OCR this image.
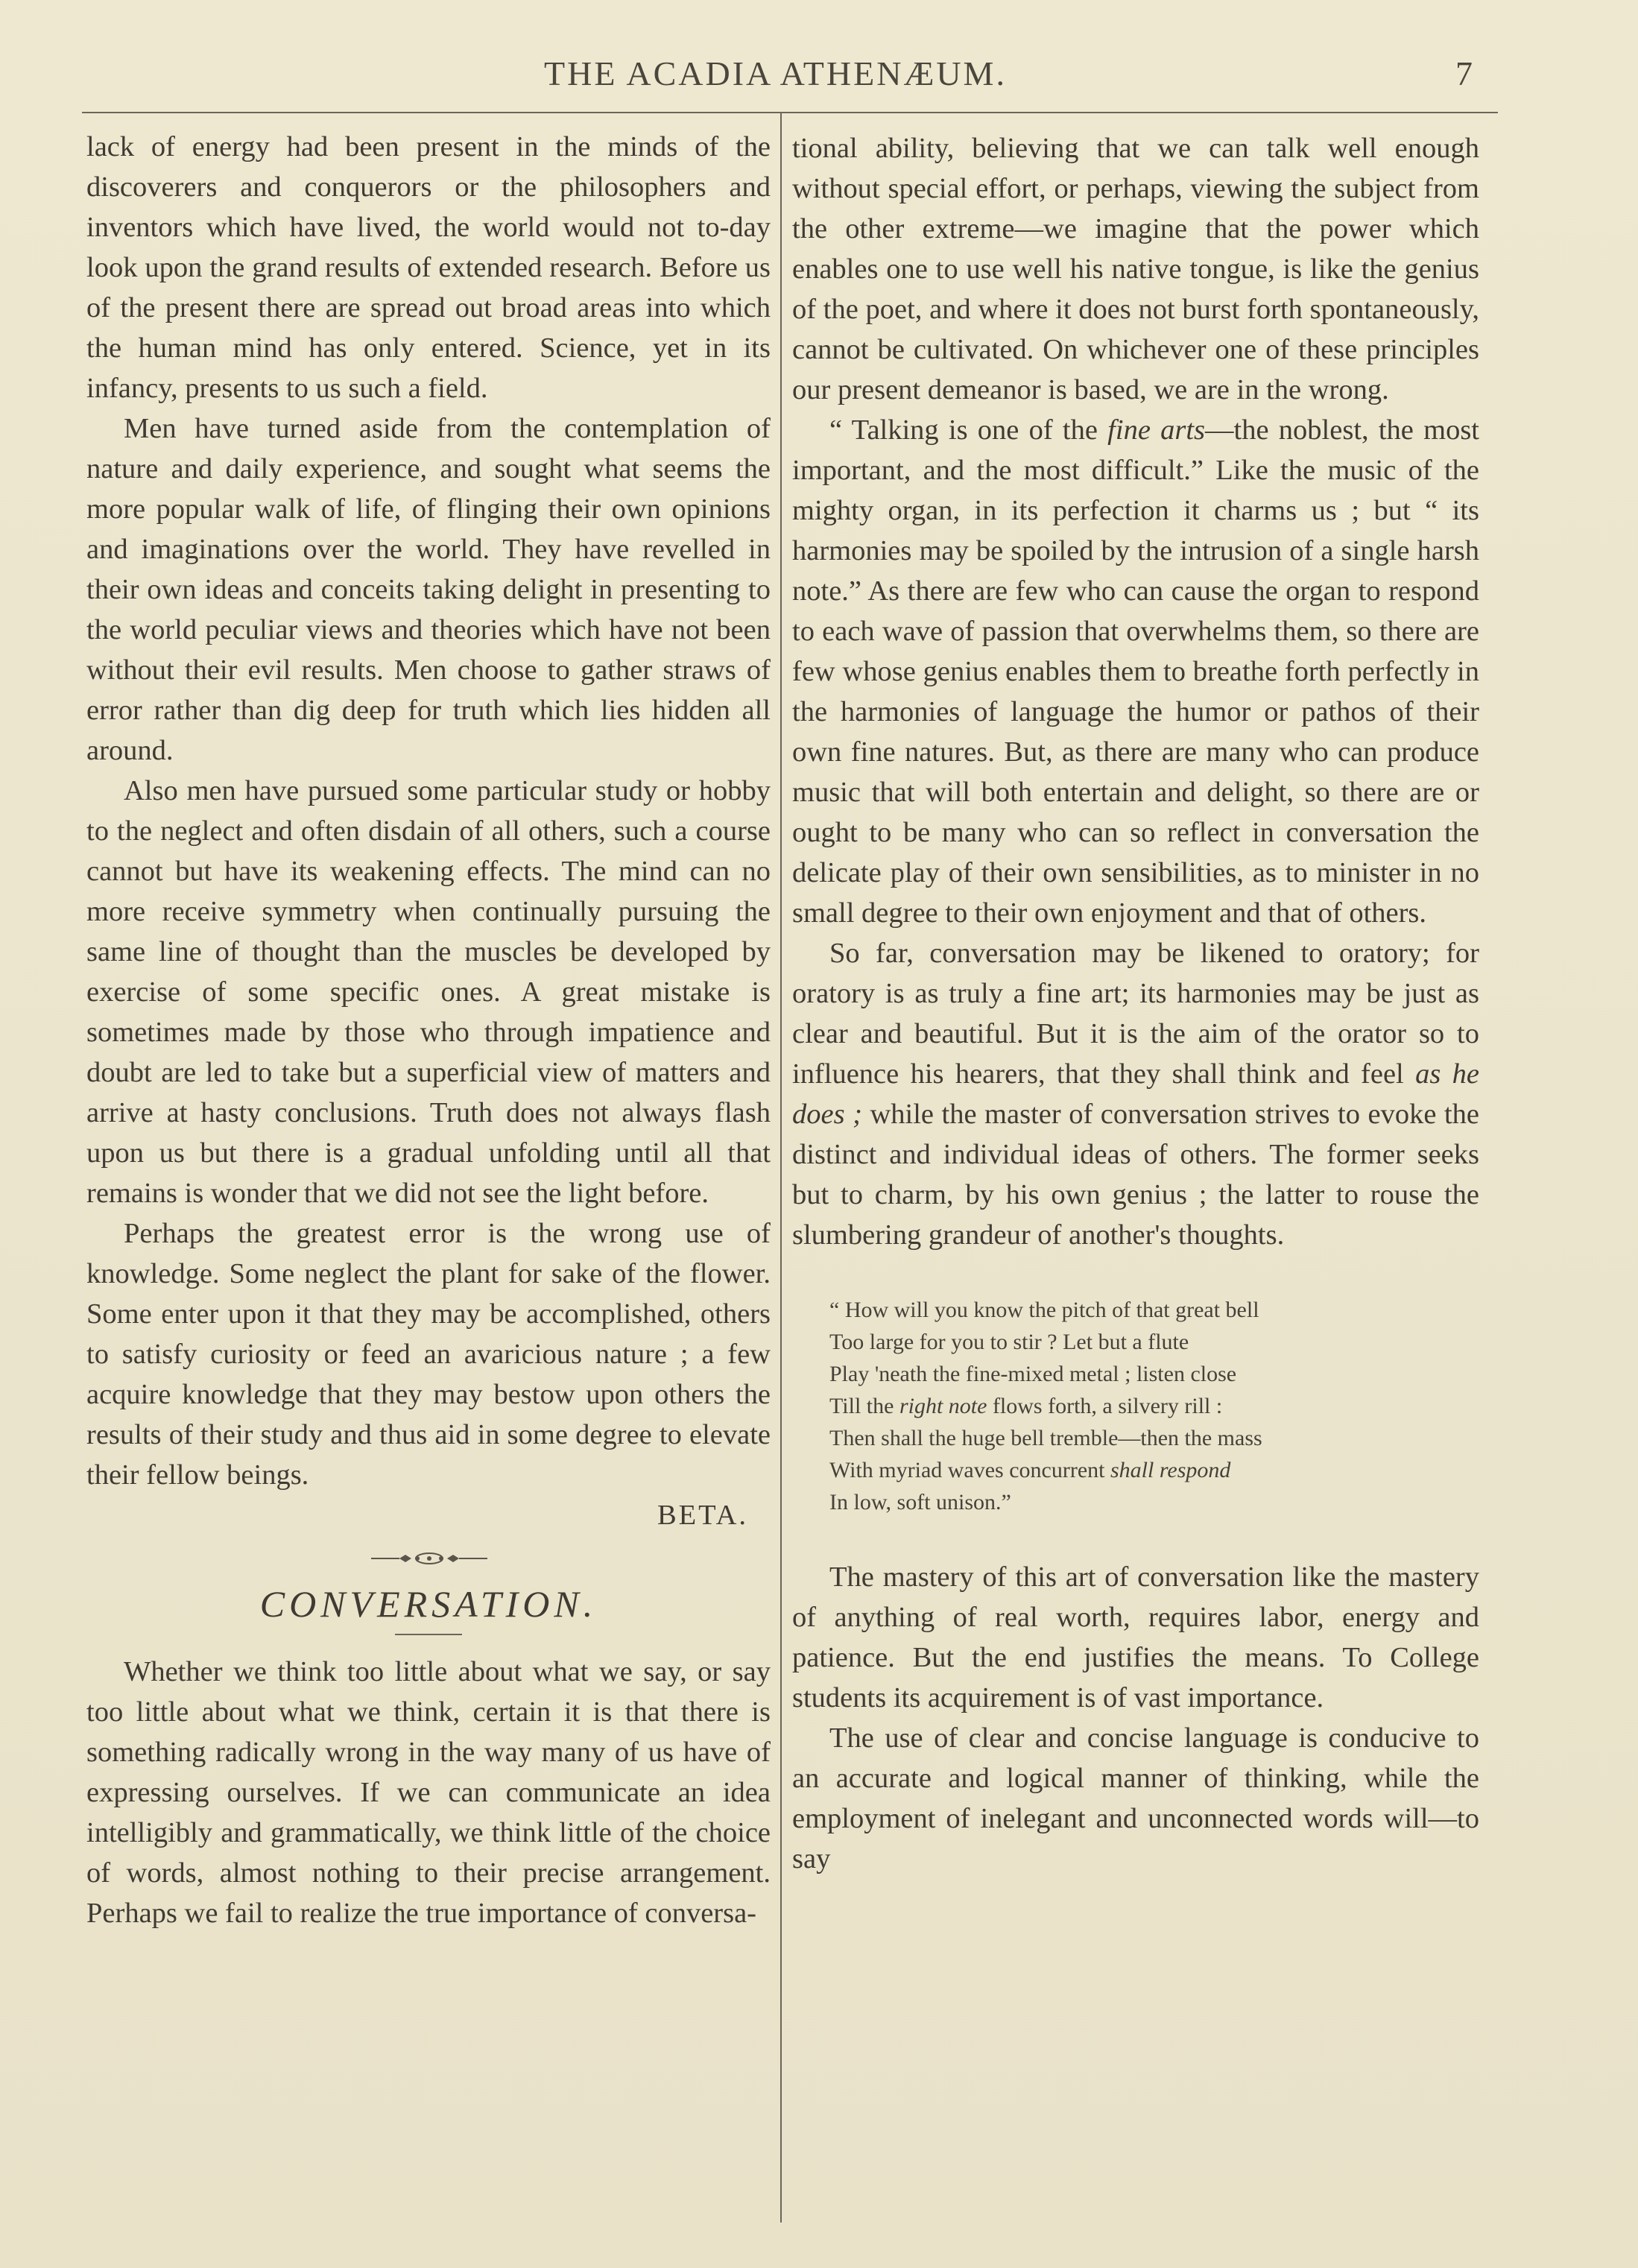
THE ACADIA ATHENÆUM.	7

lack of energy had been present in the minds of the discoverers and conquerors or the philosophers and inventors which have lived, the world would not to-day look upon the grand results of extended research. Before us of the present there are spread out broad areas into which the human mind has only entered. Science, yet in its infancy, presents to us such a field.

Men have turned aside from the contemplation of nature and daily experience, and sought what seems the more popular walk of life, of flinging their own opinions and imaginations over the world. They have revelled in their own ideas and conceits taking delight in presenting to the world peculiar views and theories which have not been without their evil results. Men choose to gather straws of error rather than dig deep for truth which lies hidden all around.

Also men have pursued some particular study or hobby to the neglect and often disdain of all others, such a course cannot but have its weakening effects. The mind can no more receive symmetry when continually pursuing the same line of thought than the muscles be developed by exercise of some specific ones. A great mistake is sometimes made by those who through impatience and doubt are led to take but a superficial view of matters and arrive at hasty conclusions. Truth does not always flash upon us but there is a gradual unfolding until all that remains is wonder that we did not see the light before.

Perhaps the greatest error is the wrong use of knowledge. Some neglect the plant for sake of the flower. Some enter upon it that they may be accomplished, others to satisfy curiosity or feed an avaricious nature ; a few acquire knowledge that they may bestow upon others the results of their study and thus aid in some degree to elevate their fellow beings.

BETA.

CONVERSATION.

Whether we think too little about what we say, or say too little about what we think, certain it is that there is something radically wrong in the way many of us have of expressing ourselves. If we can communicate an idea intelligibly and grammatically, we think little of the choice of words, almost nothing to their precise arrangement. Perhaps we fail to realize the true importance of conversa-

tional ability, believing that we can talk well enough without special effort, or perhaps, viewing the subject from the other extreme—we imagine that the power which enables one to use well his native tongue, is like the genius of the poet, and where it does not burst forth spontaneously, cannot be cultivated. On whichever one of these principles our present demeanor is based, we are in the wrong.

“ Talking is one of the fine arts—the noblest, the most important, and the most difficult.” Like the music of the mighty organ, in its perfection it charms us ; but “ its harmonies may be spoiled by the intrusion of a single harsh note.” As there are few who can cause the organ to respond to each wave of passion that overwhelms them, so there are few whose genius enables them to breathe forth perfectly in the harmonies of language the humor or pathos of their own fine natures. But, as there are many who can produce music that will both entertain and delight, so there are or ought to be many who can so reflect in conversation the delicate play of their own sensibilities, as to minister in no small degree to their own enjoyment and that of others.

So far, conversation may be likened to oratory; for oratory is as truly a fine art; its harmonies may be just as clear and beautiful. But it is the aim of the orator so to influence his hearers, that they shall think and feel as he does ; while the master of conversation strives to evoke the distinct and individual ideas of others. The former seeks but to charm, by his own genius ; the latter to rouse the slumbering grandeur of another's thoughts.

“ How will you know the pitch of that great bell
Too large for you to stir ? Let but a flute
Play 'neath the fine-mixed metal ; listen close
Till the right note flows forth, a silvery rill :
Then shall the huge bell tremble—then the mass
With myriad waves concurrent shall respond
In low, soft unison.”

The mastery of this art of conversation like the mastery of anything of real worth, requires labor, energy and patience. But the end justifies the means. To College students its acquirement is of vast importance.

The use of clear and concise language is conducive to an accurate and logical manner of thinking, while the employment of inelegant and unconnected words will—to say
